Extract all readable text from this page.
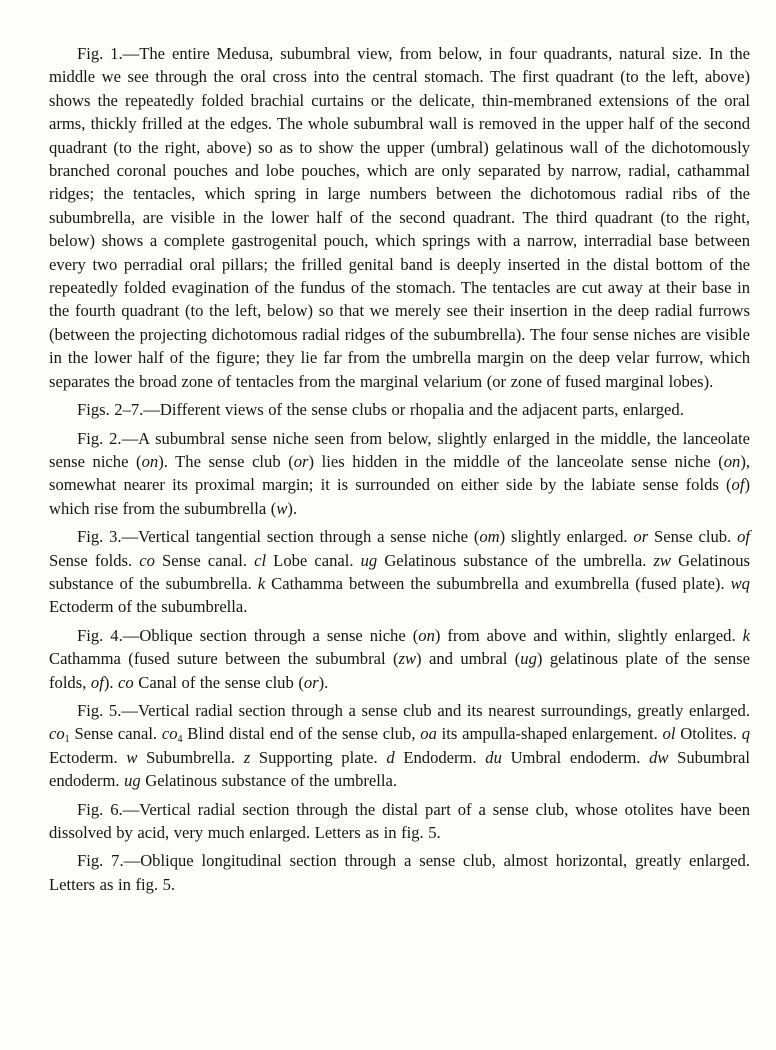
Fig. 1.—The entire Medusa, subumbral view, from below, in four quadrants, natural size. In the middle we see through the oral cross into the central stomach. The first quadrant (to the left, above) shows the repeatedly folded brachial curtains or the delicate, thin-membraned extensions of the oral arms, thickly frilled at the edges. The whole subumbral wall is removed in the upper half of the second quadrant (to the right, above) so as to show the upper (umbral) gelatinous wall of the dichotomously branched coronal pouches and lobe pouches, which are only separated by narrow, radial, cathammal ridges; the tentacles, which spring in large numbers between the dichotomous radial ribs of the subumbrella, are visible in the lower half of the second quadrant. The third quadrant (to the right, below) shows a complete gastrogenital pouch, which springs with a narrow, interradial base between every two perradial oral pillars; the frilled genital band is deeply inserted in the distal bottom of the repeatedly folded evagination of the fundus of the stomach. The tentacles are cut away at their base in the fourth quadrant (to the left, below) so that we merely see their insertion in the deep radial furrows (between the projecting dichotomous radial ridges of the subumbrella). The four sense niches are visible in the lower half of the figure; they lie far from the umbrella margin on the deep velar furrow, which separates the broad zone of tentacles from the marginal velarium (or zone of fused marginal lobes).

Figs. 2–7.—Different views of the sense clubs or rhopalia and the adjacent parts, enlarged.

Fig. 2.—A subumbral sense niche seen from below, slightly enlarged in the middle, the lanceolate sense niche (on). The sense club (or) lies hidden in the middle of the lanceolate sense niche (on), somewhat nearer its proximal margin; it is surrounded on either side by the labiate sense folds (of) which rise from the subumbrella (w).

Fig. 3.—Vertical tangential section through a sense niche (om) slightly enlarged. or Sense club. of Sense folds. co Sense canal. cl Lobe canal. ug Gelatinous substance of the umbrella. zw Gelatinous substance of the subumbrella. k Cathamma between the subumbrella and exumbrella (fused plate). wq Ectoderm of the subumbrella.

Fig. 4.—Oblique section through a sense niche (on) from above and within, slightly enlarged. k Cathamma (fused suture between the subumbral (zw) and umbral (ug) gelatinous plate of the sense folds, of). co Canal of the sense club (or).

Fig. 5.—Vertical radial section through a sense club and its nearest surroundings, greatly enlarged. $co_1$ Sense canal. $co_4$ Blind distal end of the sense club, oa its ampulla-shaped enlargement. ol Otolites. q Ectoderm. w Subumbrella. z Supporting plate. d Endoderm. du Umbral endoderm. dw Subumbral endoderm. ug Gelatinous substance of the umbrella.

Fig. 6.—Vertical radial section through the distal part of a sense club, whose otolites have been dissolved by acid, very much enlarged. Letters as in fig. 5.

Fig. 7.—Oblique longitudinal section through a sense club, almost horizontal, greatly enlarged. Letters as in fig. 5.
